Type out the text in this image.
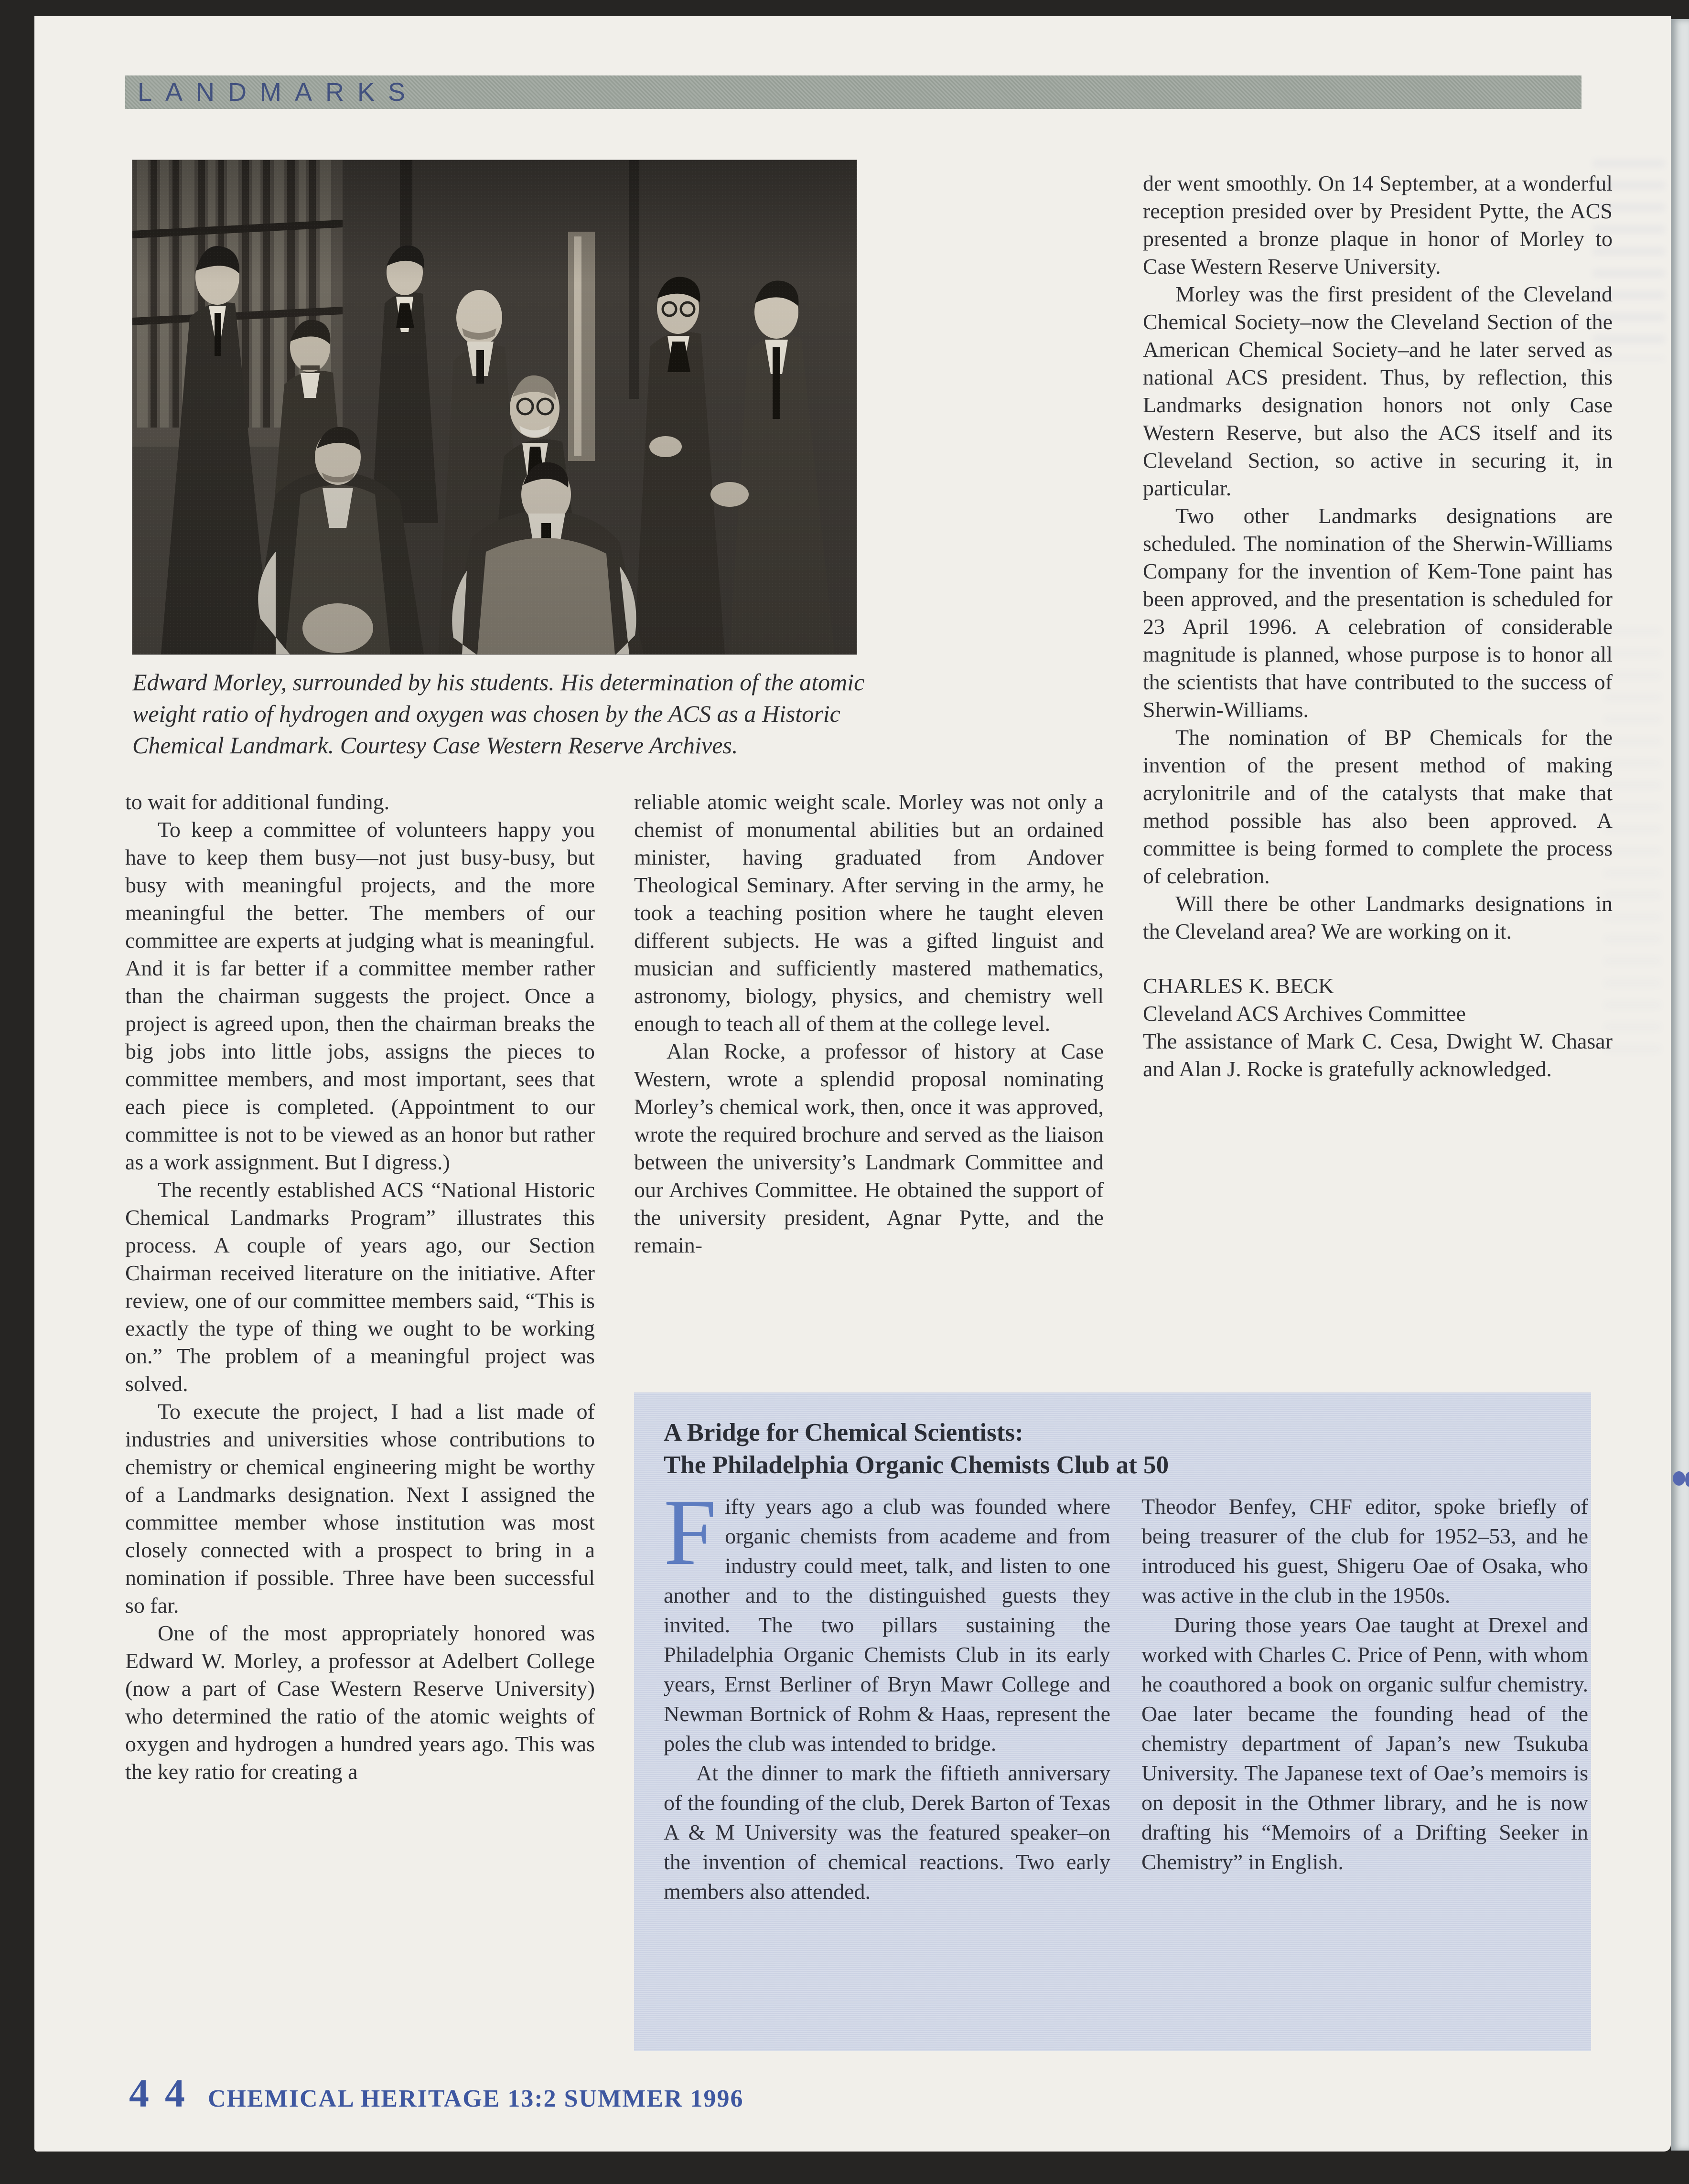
LANDMARKS
Edward Morley, surrounded by his students. His determination of the atomic weight ratio of hydrogen and oxygen was chosen by the ACS as a Historic Chemical Landmark. Courtesy Case Western Reserve Archives.

to wait for additional funding.

To keep a committee of volunteers happy you have to keep them busy—not just busy-busy, but busy with meaningful projects, and the more meaningful the better. The members of our committee are experts at judging what is meaningful. And it is far better if a committee member rather than the chairman suggests the project. Once a project is agreed upon, then the chairman breaks the big jobs into little jobs, assigns the pieces to committee members, and most important, sees that each piece is completed. (Appointment to our committee is not to be viewed as an honor but rather as a work assignment. But I digress.)

The recently established ACS “National Historic Chemical Landmarks Program” illustrates this process. A couple of years ago, our Section Chairman received literature on the initiative. After review, one of our committee members said, “This is exactly the type of thing we ought to be working on.” The problem of a meaningful project was solved.

To execute the project, I had a list made of industries and universities whose contributions to chemistry or chemical engineering might be worthy of a Landmarks designation. Next I assigned the committee member whose institution was most closely connected with a prospect to bring in a nomination if possible. Three have been successful so far.

One of the most appropriately honored was Edward W. Morley, a professor at Adelbert College (now a part of Case Western Reserve University) who determined the ratio of the atomic weights of oxygen and hydrogen a hundred years ago. This was the key ratio for creating a

reliable atomic weight scale. Morley was not only a chemist of monumental abilities but an ordained minister, having graduated from Andover Theological Seminary. After serving in the army, he took a teaching position where he taught eleven different subjects. He was a gifted linguist and musician and sufficiently mastered mathematics, astronomy, biology, physics, and chemistry well enough to teach all of them at the college level.

Alan Rocke, a professor of history at Case Western, wrote a splendid proposal nominating Morley’s chemical work, then, once it was approved, wrote the required brochure and served as the liaison between the university’s Landmark Committee and our Archives Committee. He obtained the support of the university president, Agnar Pytte, and the remain-

der went smoothly. On 14 September, at a wonderful reception presided over by President Pytte, the ACS presented a bronze plaque in honor of Morley to Case Western Reserve University.

Morley was the first president of the Cleveland Chemical Society–now the Cleveland Section of the American Chemical Society–and he later served as national ACS president. Thus, by reflection, this Landmarks designation honors not only Case Western Reserve, but also the ACS itself and its Cleveland Section, so active in securing it, in particular.

Two other Landmarks designations are scheduled. The nomination of the Sherwin-Williams Company for the invention of Kem-Tone paint has been approved, and the presentation is scheduled for 23 April 1996. A celebration of considerable magnitude is planned, whose purpose is to honor all the scientists that have contributed to the success of Sherwin-Williams.

The nomination of BP Chemicals for the invention of the present method of making acrylonitrile and of the catalysts that make that method possible has also been approved. A committee is being formed to complete the process of celebration.

Will there be other Landmarks designations in the Cleveland area? We are working on it.

CHARLES K. BECK

Cleveland ACS Archives Committee

The assistance of Mark C. Cesa, Dwight W. Chasar and Alan J. Rocke is gratefully acknowledged.

A Bridge for Chemical Scientists:
The Philadelphia Organic Chemists Club at 50

Fifty years ago a club was founded where organic chemists from academe and from industry could meet, talk, and listen to one another and to the distinguished guests they invited. The two pillars sustaining the Philadelphia Organic Chemists Club in its early years, Ernst Berliner of Bryn Mawr College and Newman Bortnick of Rohm & Haas, represent the poles the club was intended to bridge.

At the dinner to mark the fiftieth anniversary of the founding of the club, Derek Barton of Texas A & M University was the featured speaker–on the invention of chemical reactions. Two early members also attended.

Theodor Benfey, CHF editor, spoke briefly of being treasurer of the club for 1952–53, and he introduced his guest, Shigeru Oae of Osaka, who was active in the club in the 1950s.

During those years Oae taught at Drexel and worked with Charles C. Price of Penn, with whom he coauthored a book on organic sulfur chemistry. Oae later became the founding head of the chemistry department of Japan’s new Tsukuba University. The Japanese text of Oae’s memoirs is on deposit in the Othmer library, and he is now drafting his “Memoirs of a Drifting Seeker in Chemistry” in English.

4 4 CHEMICAL HERITAGE 13:2 SUMMER 1996
